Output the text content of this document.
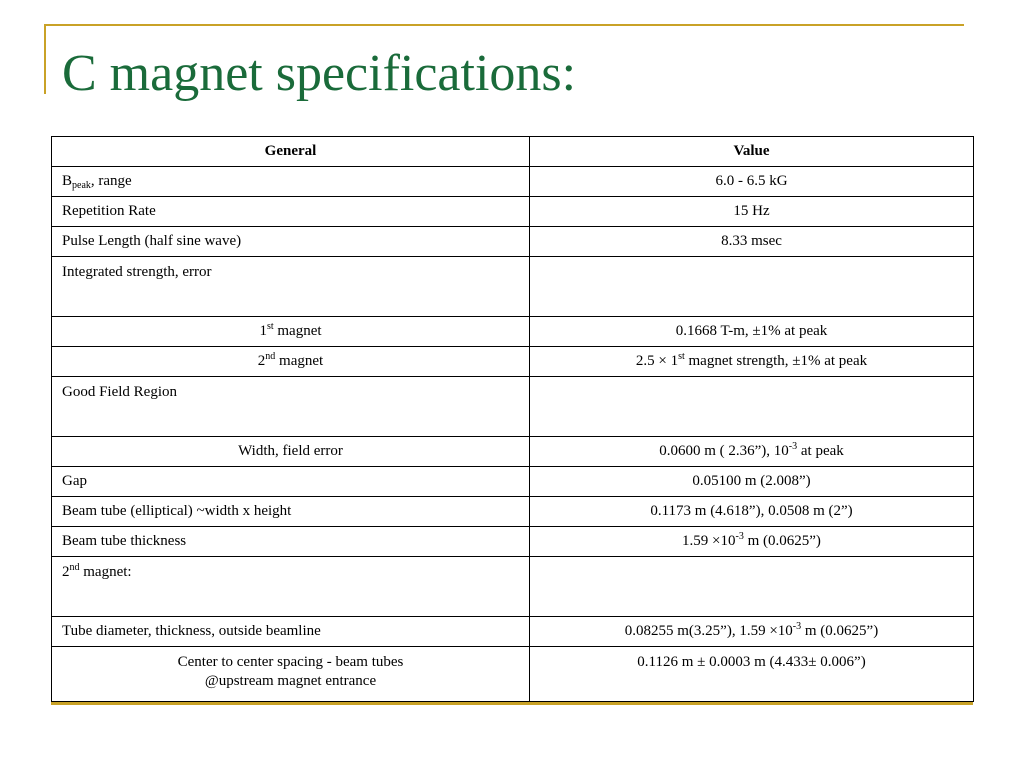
C magnet specifications:
General	Value
$B_{peak}$, range	6.0 - 6.5 kG
Repetition Rate	15 Hz
Pulse Length (half sine wave)	8.33 msec
Integrated strength, error	
1st magnet	0.1668 T-m, ±1% at peak
2nd magnet	2.5 × 1st magnet strength, ±1% at peak
Good Field Region	
Width, field error	0.0600 m ( 2.36”), $10^{-3}$ at peak
Gap	0.05100 m (2.008”)
Beam tube (elliptical) ~width x height	0.1173 m (4.618”), 0.0508 m (2”)
Beam tube thickness	$1.59 \times 10^{-3}$ m (0.0625”)
2nd magnet:	
Tube diameter, thickness, outside beamline	0.08255 m(3.25”), $1.59 \times 10^{-3}$ m (0.0625”)
Center to center spacing - beam tubes
@upstream magnet entrance	0.1126 m ± 0.0003 m (4.433± 0.006”)
